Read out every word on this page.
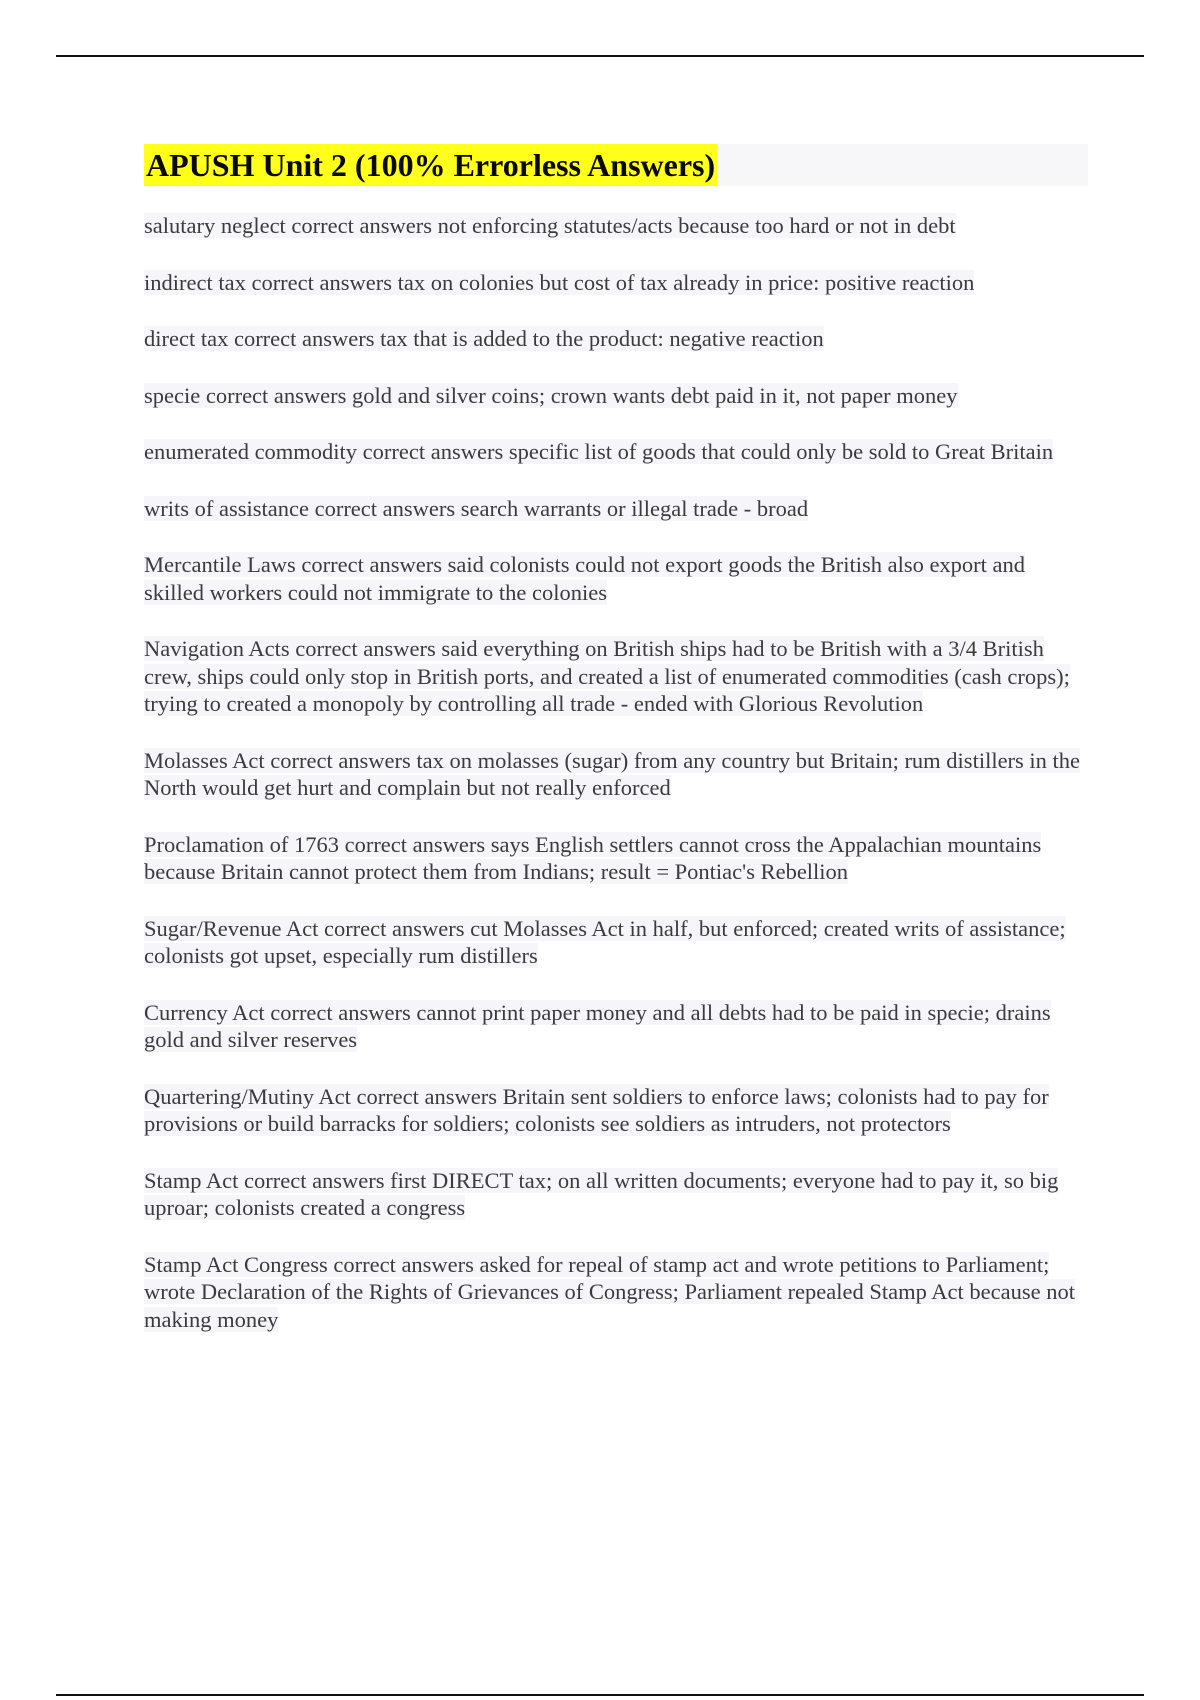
APUSH Unit 2 (100% Errorless Answers)
salutary neglect correct answers not enforcing statutes/acts because too hard or not in debt
indirect tax correct answers tax on colonies but cost of tax already in price: positive reaction
direct tax correct answers tax that is added to the product: negative reaction
specie correct answers gold and silver coins; crown wants debt paid in it, not paper money
enumerated commodity correct answers specific list of goods that could only be sold to Great Britain
writs of assistance correct answers search warrants or illegal trade - broad
Mercantile Laws correct answers said colonists could not export goods the British also export and skilled workers could not immigrate to the colonies
Navigation Acts correct answers said everything on British ships had to be British with a 3/4 British crew, ships could only stop in British ports, and created a list of enumerated commodities (cash crops); trying to created a monopoly by controlling all trade - ended with Glorious Revolution
Molasses Act correct answers tax on molasses (sugar) from any country but Britain; rum distillers in the North would get hurt and complain but not really enforced
Proclamation of 1763 correct answers says English settlers cannot cross the Appalachian mountains because Britain cannot protect them from Indians; result = Pontiac's Rebellion
Sugar/Revenue Act correct answers cut Molasses Act in half, but enforced; created writs of assistance; colonists got upset, especially rum distillers
Currency Act correct answers cannot print paper money and all debts had to be paid in specie; drains gold and silver reserves
Quartering/Mutiny Act correct answers Britain sent soldiers to enforce laws; colonists had to pay for provisions or build barracks for soldiers; colonists see soldiers as intruders, not protectors
Stamp Act correct answers first DIRECT tax; on all written documents; everyone had to pay it, so big uproar; colonists created a congress
Stamp Act Congress correct answers asked for repeal of stamp act and wrote petitions to Parliament; wrote Declaration of the Rights of Grievances of Congress; Parliament repealed Stamp Act because not making money
